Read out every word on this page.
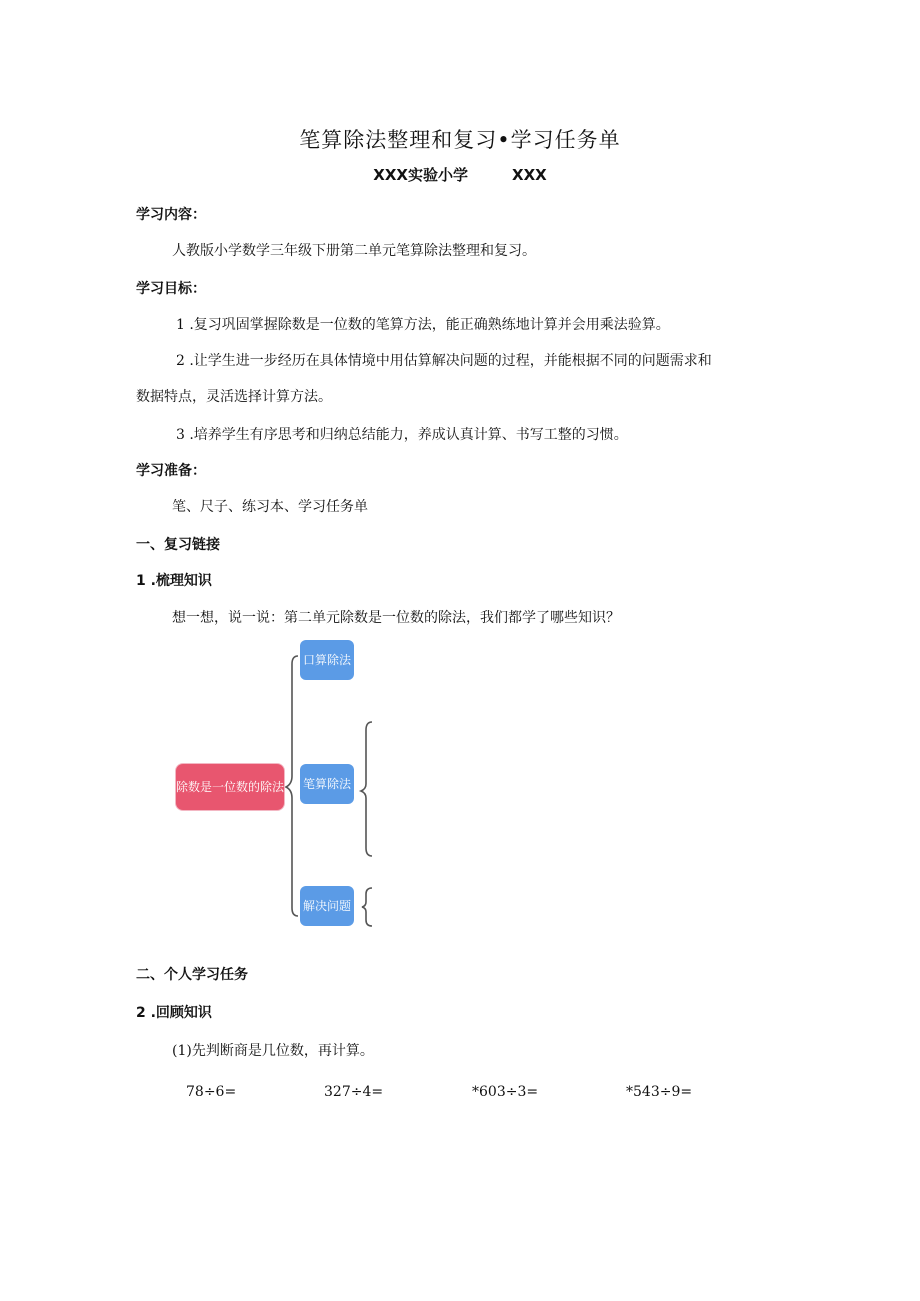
笔算除法整理和复习•学习任务单
XXX实验小学	XXX
学习内容：
人教版小学数学三年级下册第二单元笔算除法整理和复习。
学习目标：
1 .复习巩固掌握除数是一位数的笔算方法，能正确熟练地计算并会用乘法验算。
2 .让学生进一步经历在具体情境中用估算解决问题的过程，并能根据不同的问题需求和
数据特点，灵活选择计算方法。
3 .培养学生有序思考和归纳总结能力，养成认真计算、书写工整的习惯。
学习准备：
笔、尺子、练习本、学习任务单
一、复习链接
1 .梳理知识
想一想，说一说：第二单元除数是一位数的除法，我们都学了哪些知识？
除数是一位数的除法
口算除法
笔算除法
解决问题
二、个人学习任务
2 .回顾知识
(1)先判断商是几位数，再计算。
78÷6=	327÷4=	*603÷3=	*543÷9=
